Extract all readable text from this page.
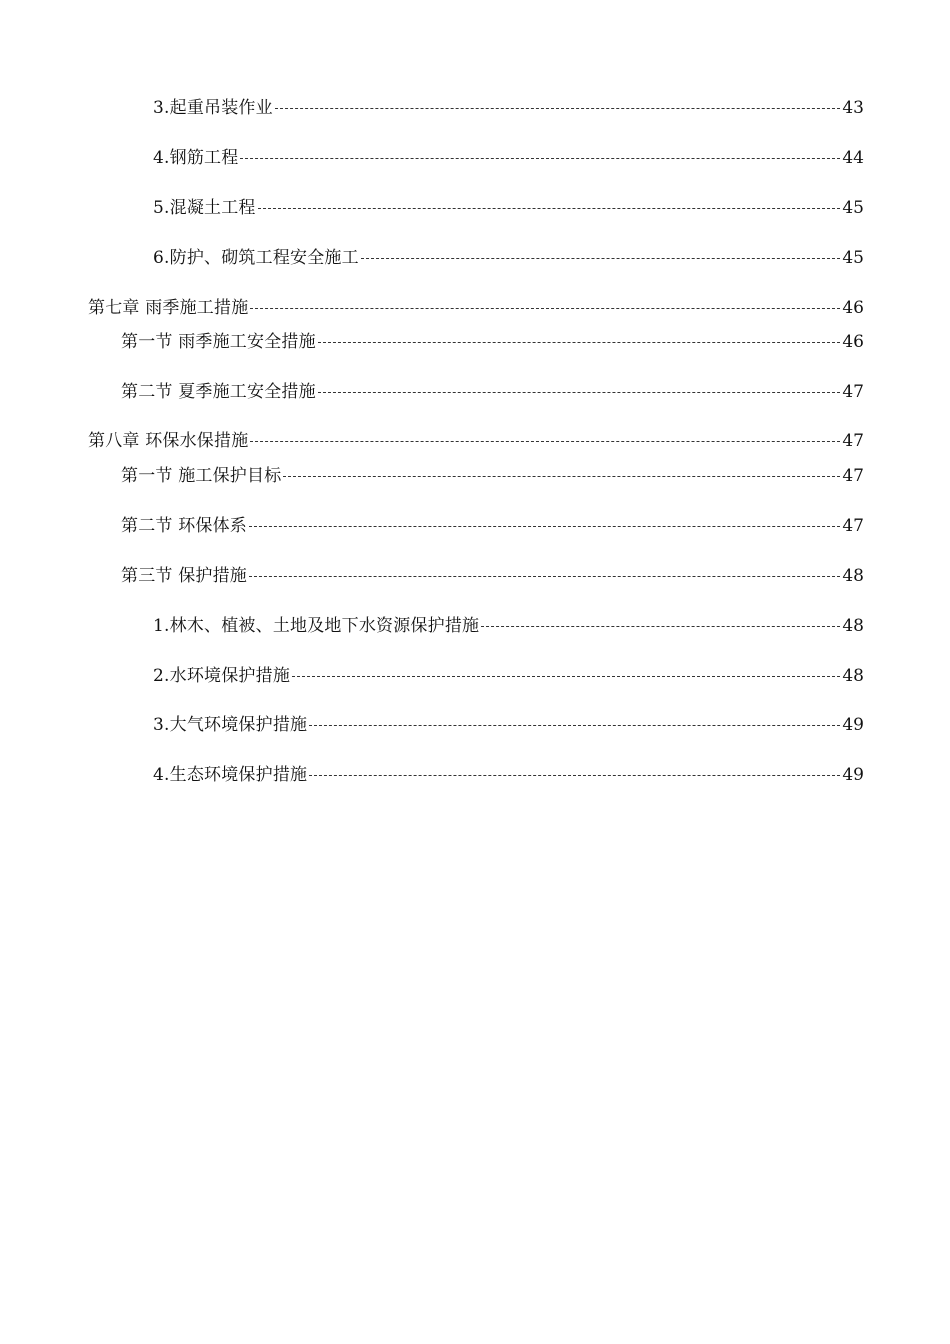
3.起重吊装作业	43
4.钢筋工程	44
5.混凝土工程	45
6.防护、砌筑工程安全施工	45
第七章 雨季施工措施	46
第一节 雨季施工安全措施	46
第二节 夏季施工安全措施	47
第八章 环保水保措施	47
第一节 施工保护目标	47
第二节 环保体系	47
第三节 保护措施	48
1.林木、植被、土地及地下水资源保护措施	48
2.水环境保护措施	48
3.大气环境保护措施	49
4.生态环境保护措施	49
